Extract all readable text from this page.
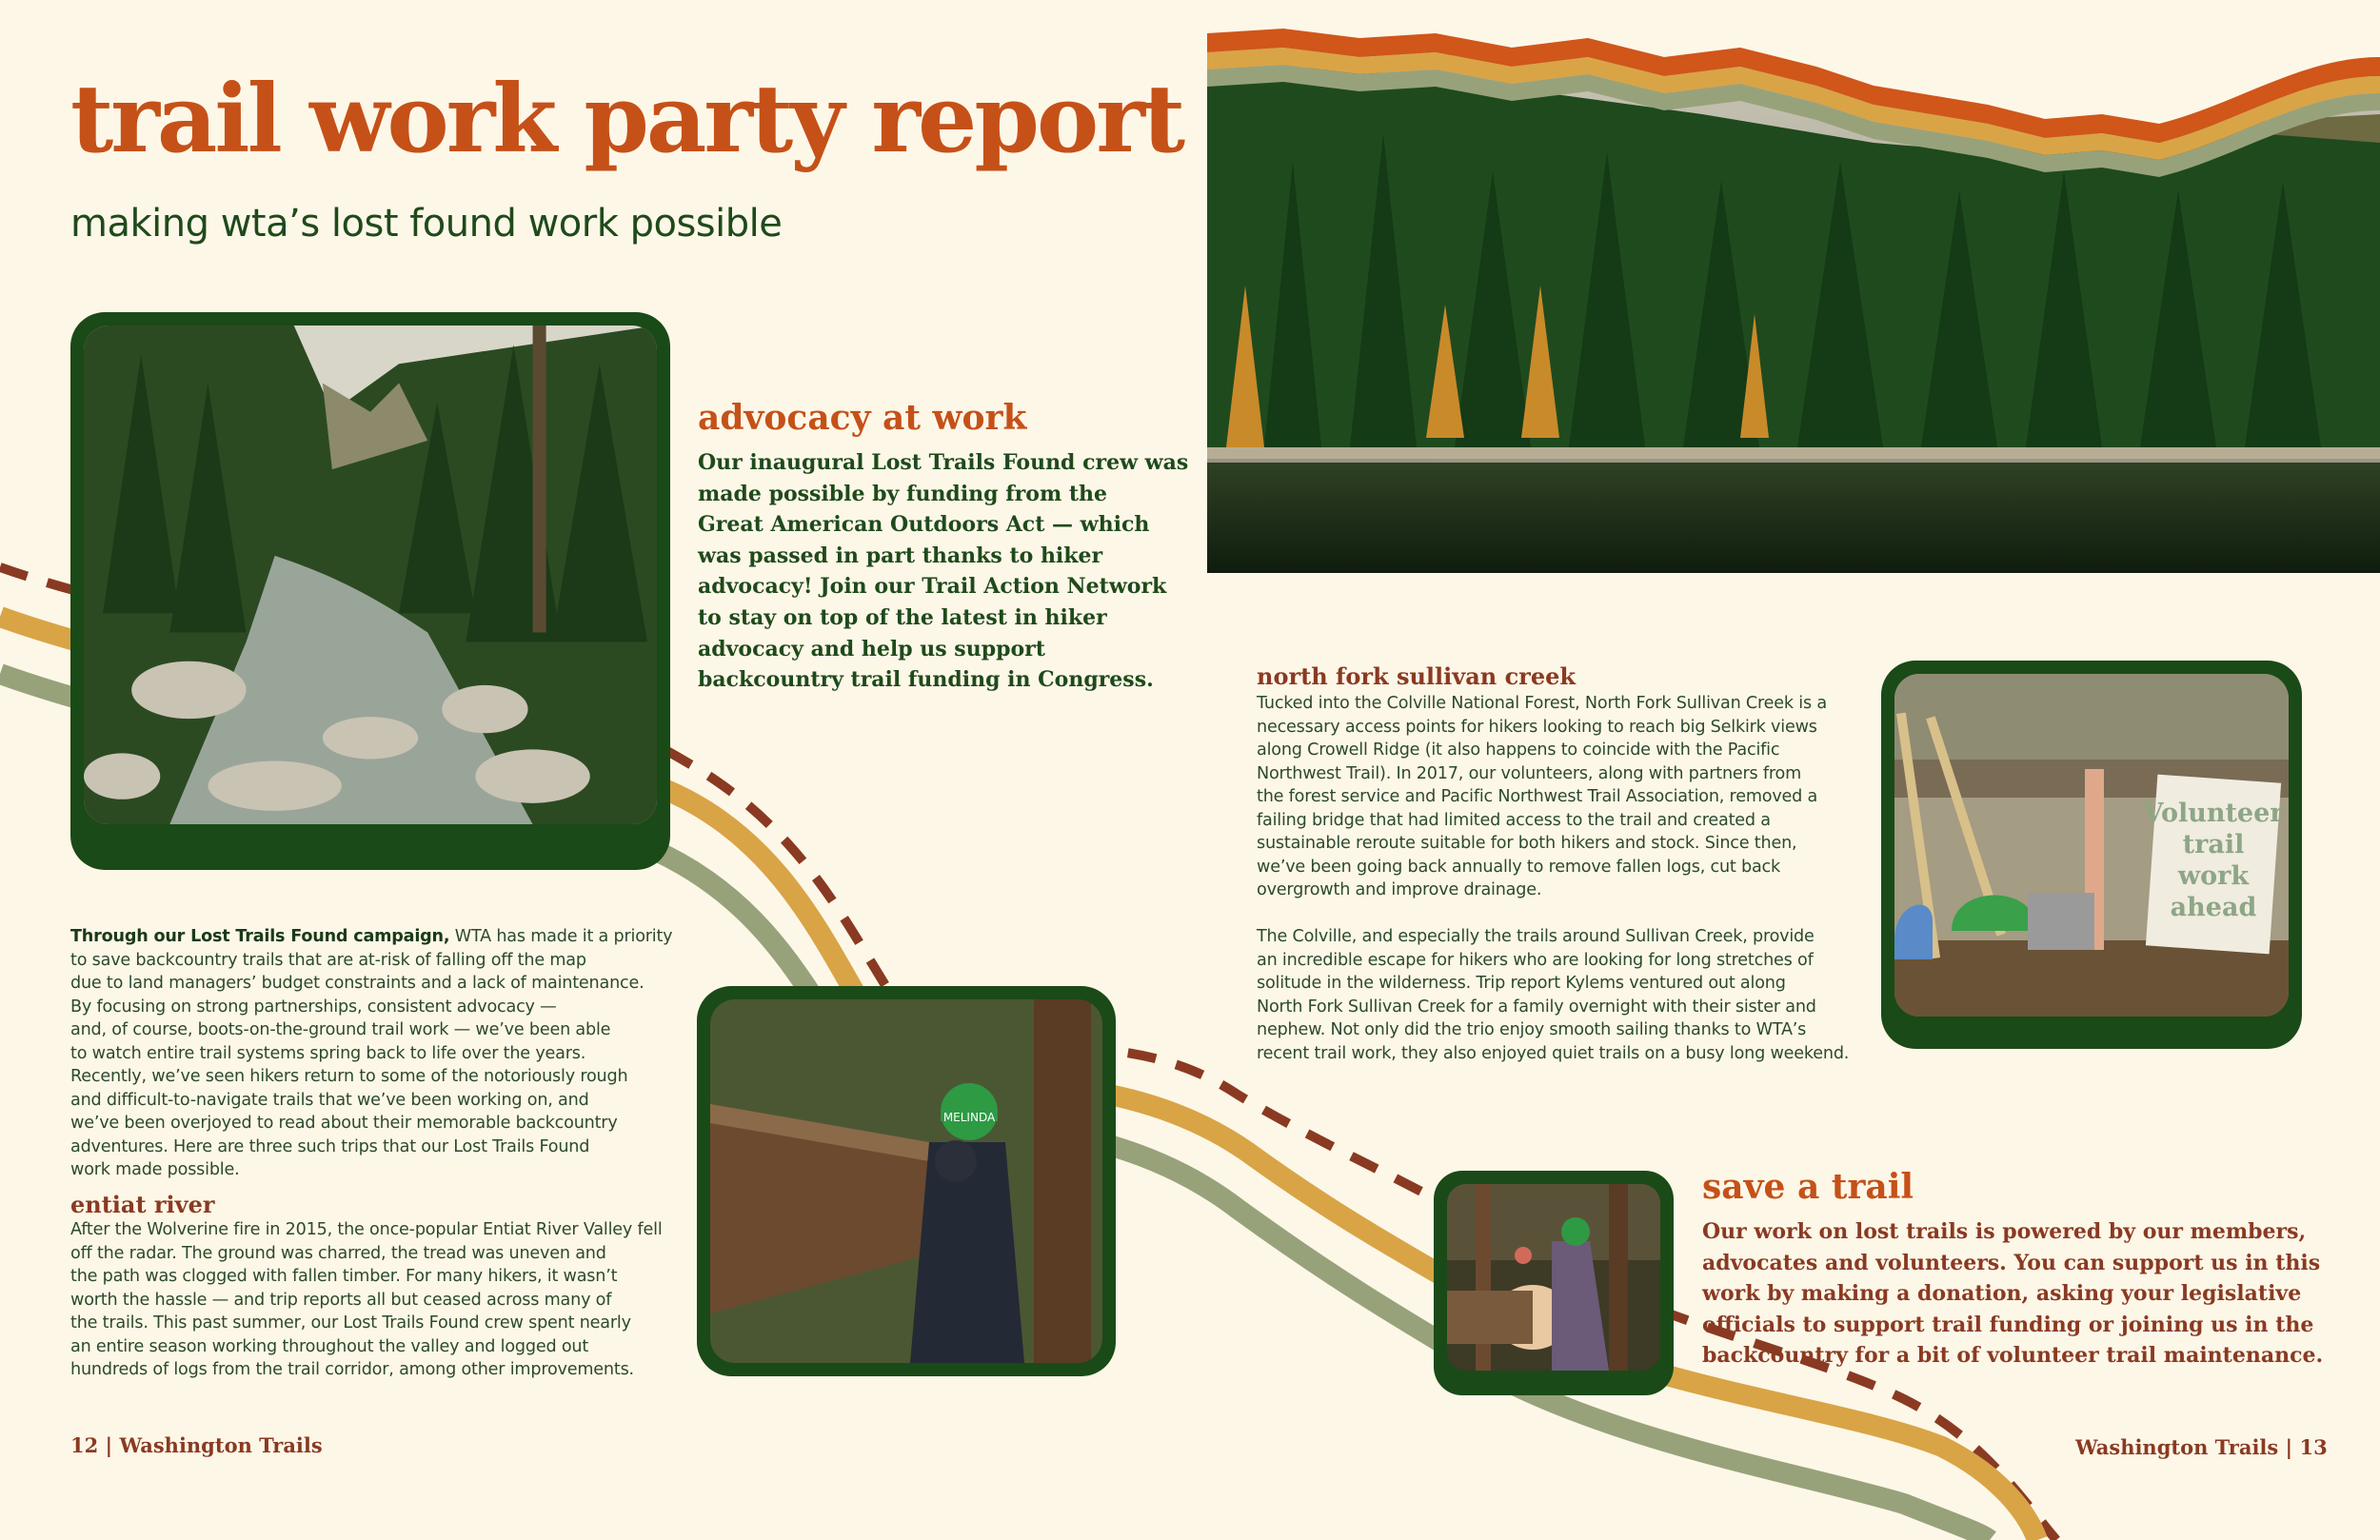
trail work party report
making wta’s lost found work possible
MELINDA
Volunteer
trail
work
ahead
advocacy at work

Our inaugural Lost Trails Found crew was

made possible by funding from the

Great American Outdoors Act — which

was passed in part thanks to hiker

advocacy! Join our Trail Action Network

to stay on top of the latest in hiker

advocacy and help us support

backcountry trail funding in Congress.

Through our Lost Trails Found campaign, WTA has made it a priority

to save backcountry trails that are at-risk of falling off the map

due to land managers’ budget constraints and a lack of maintenance.

By focusing on strong partnerships, consistent advocacy —

and, of course, boots-on-the-ground trail work — we’ve been able

to watch entire trail systems spring back to life over the years.

Recently, we’ve seen hikers return to some of the notoriously rough

and difficult-to-navigate trails that we’ve been working on, and

we’ve been overjoyed to read about their memorable backcountry

adventures. Here are three such trips that our Lost Trails Found

work made possible.

entiat river

After the Wolverine fire in 2015, the once-popular Entiat River Valley fell

off the radar. The ground was charred, the tread was uneven and

the path was clogged with fallen timber. For many hikers, it wasn’t

worth the hassle — and trip reports all but ceased across many of

the trails. This past summer, our Lost Trails Found crew spent nearly

an entire season working throughout the valley and logged out

hundreds of logs from the trail corridor, among other improvements.

north fork sullivan creek

Tucked into the Colville National Forest, North Fork Sullivan Creek is a

necessary access points for hikers looking to reach big Selkirk views

along Crowell Ridge (it also happens to coincide with the Pacific

Northwest Trail). In 2017, our volunteers, along with partners from

the forest service and Pacific Northwest Trail Association, removed a

failing bridge that had limited access to the trail and created a

sustainable reroute suitable for both hikers and stock. Since then,

we’ve been going back annually to remove fallen logs, cut back

overgrowth and improve drainage.

The Colville, and especially the trails around Sullivan Creek, provide

an incredible escape for hikers who are looking for long stretches of

solitude in the wilderness. Trip report Kylems ventured out along

North Fork Sullivan Creek for a family overnight with their sister and

nephew. Not only did the trio enjoy smooth sailing thanks to WTA’s

recent trail work, they also enjoyed quiet trails on a busy long weekend.

save a trail

Our work on lost trails is powered by our members,

advocates and volunteers. You can support us in this

work by making a donation, asking your legislative

officials to support trail funding or joining us in the

backcountry for a bit of volunteer trail maintenance.

12 | Washington Trails	Washington Trails | 13
